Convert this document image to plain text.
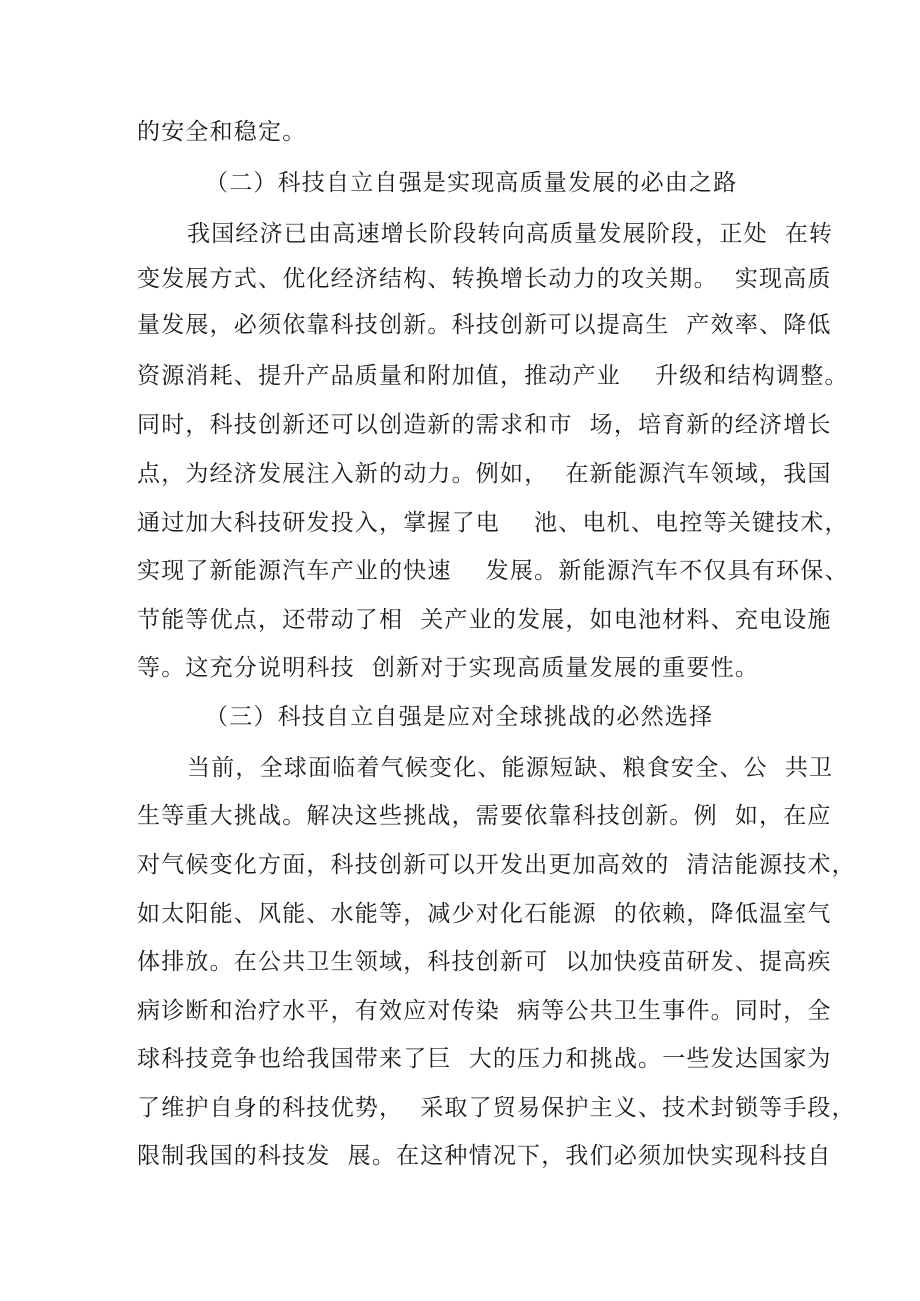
的安全和稳定。
（二）科技自立自强是实现高质量发展的必由之路
我国经济已由高速增长阶段转向高质量发展阶段，正处  在转
变发展方式、优化经济结构、转换增长动力的攻关期。  实现高质
量发展，必须依靠科技创新。科技创新可以提高生  产效率、降低
资源消耗、提升产品质量和附加值，推动产业    升级和结构调整。
同时，科技创新还可以创造新的需求和市  场，培育新的经济增长
点，为经济发展注入新的动力。例如，  在新能源汽车领域，我国
通过加大科技研发投入，掌握了电    池、电机、电控等关键技术，
实现了新能源汽车产业的快速    发展。新能源汽车不仅具有环保、
节能等优点，还带动了相  关产业的发展，如电池材料、充电设施
等。这充分说明科技  创新对于实现高质量发展的重要性。
（三）科技自立自强是应对全球挑战的必然选择
当前，全球面临着气候变化、能源短缺、粮食安全、公  共卫
生等重大挑战。解决这些挑战，需要依靠科技创新。例  如，在应
对气候变化方面，科技创新可以开发出更加高效的  清洁能源技术，
如太阳能、风能、水能等，减少对化石能源  的依赖，降低温室气
体排放。在公共卫生领域，科技创新可  以加快疫苗研发、提高疾
病诊断和治疗水平，有效应对传染  病等公共卫生事件。同时，全
球科技竞争也给我国带来了巨  大的压力和挑战。一些发达国家为
了维护自身的科技优势，  采取了贸易保护主义、技术封锁等手段，
限制我国的科技发  展。在这种情况下，我们必须加快实现科技自
